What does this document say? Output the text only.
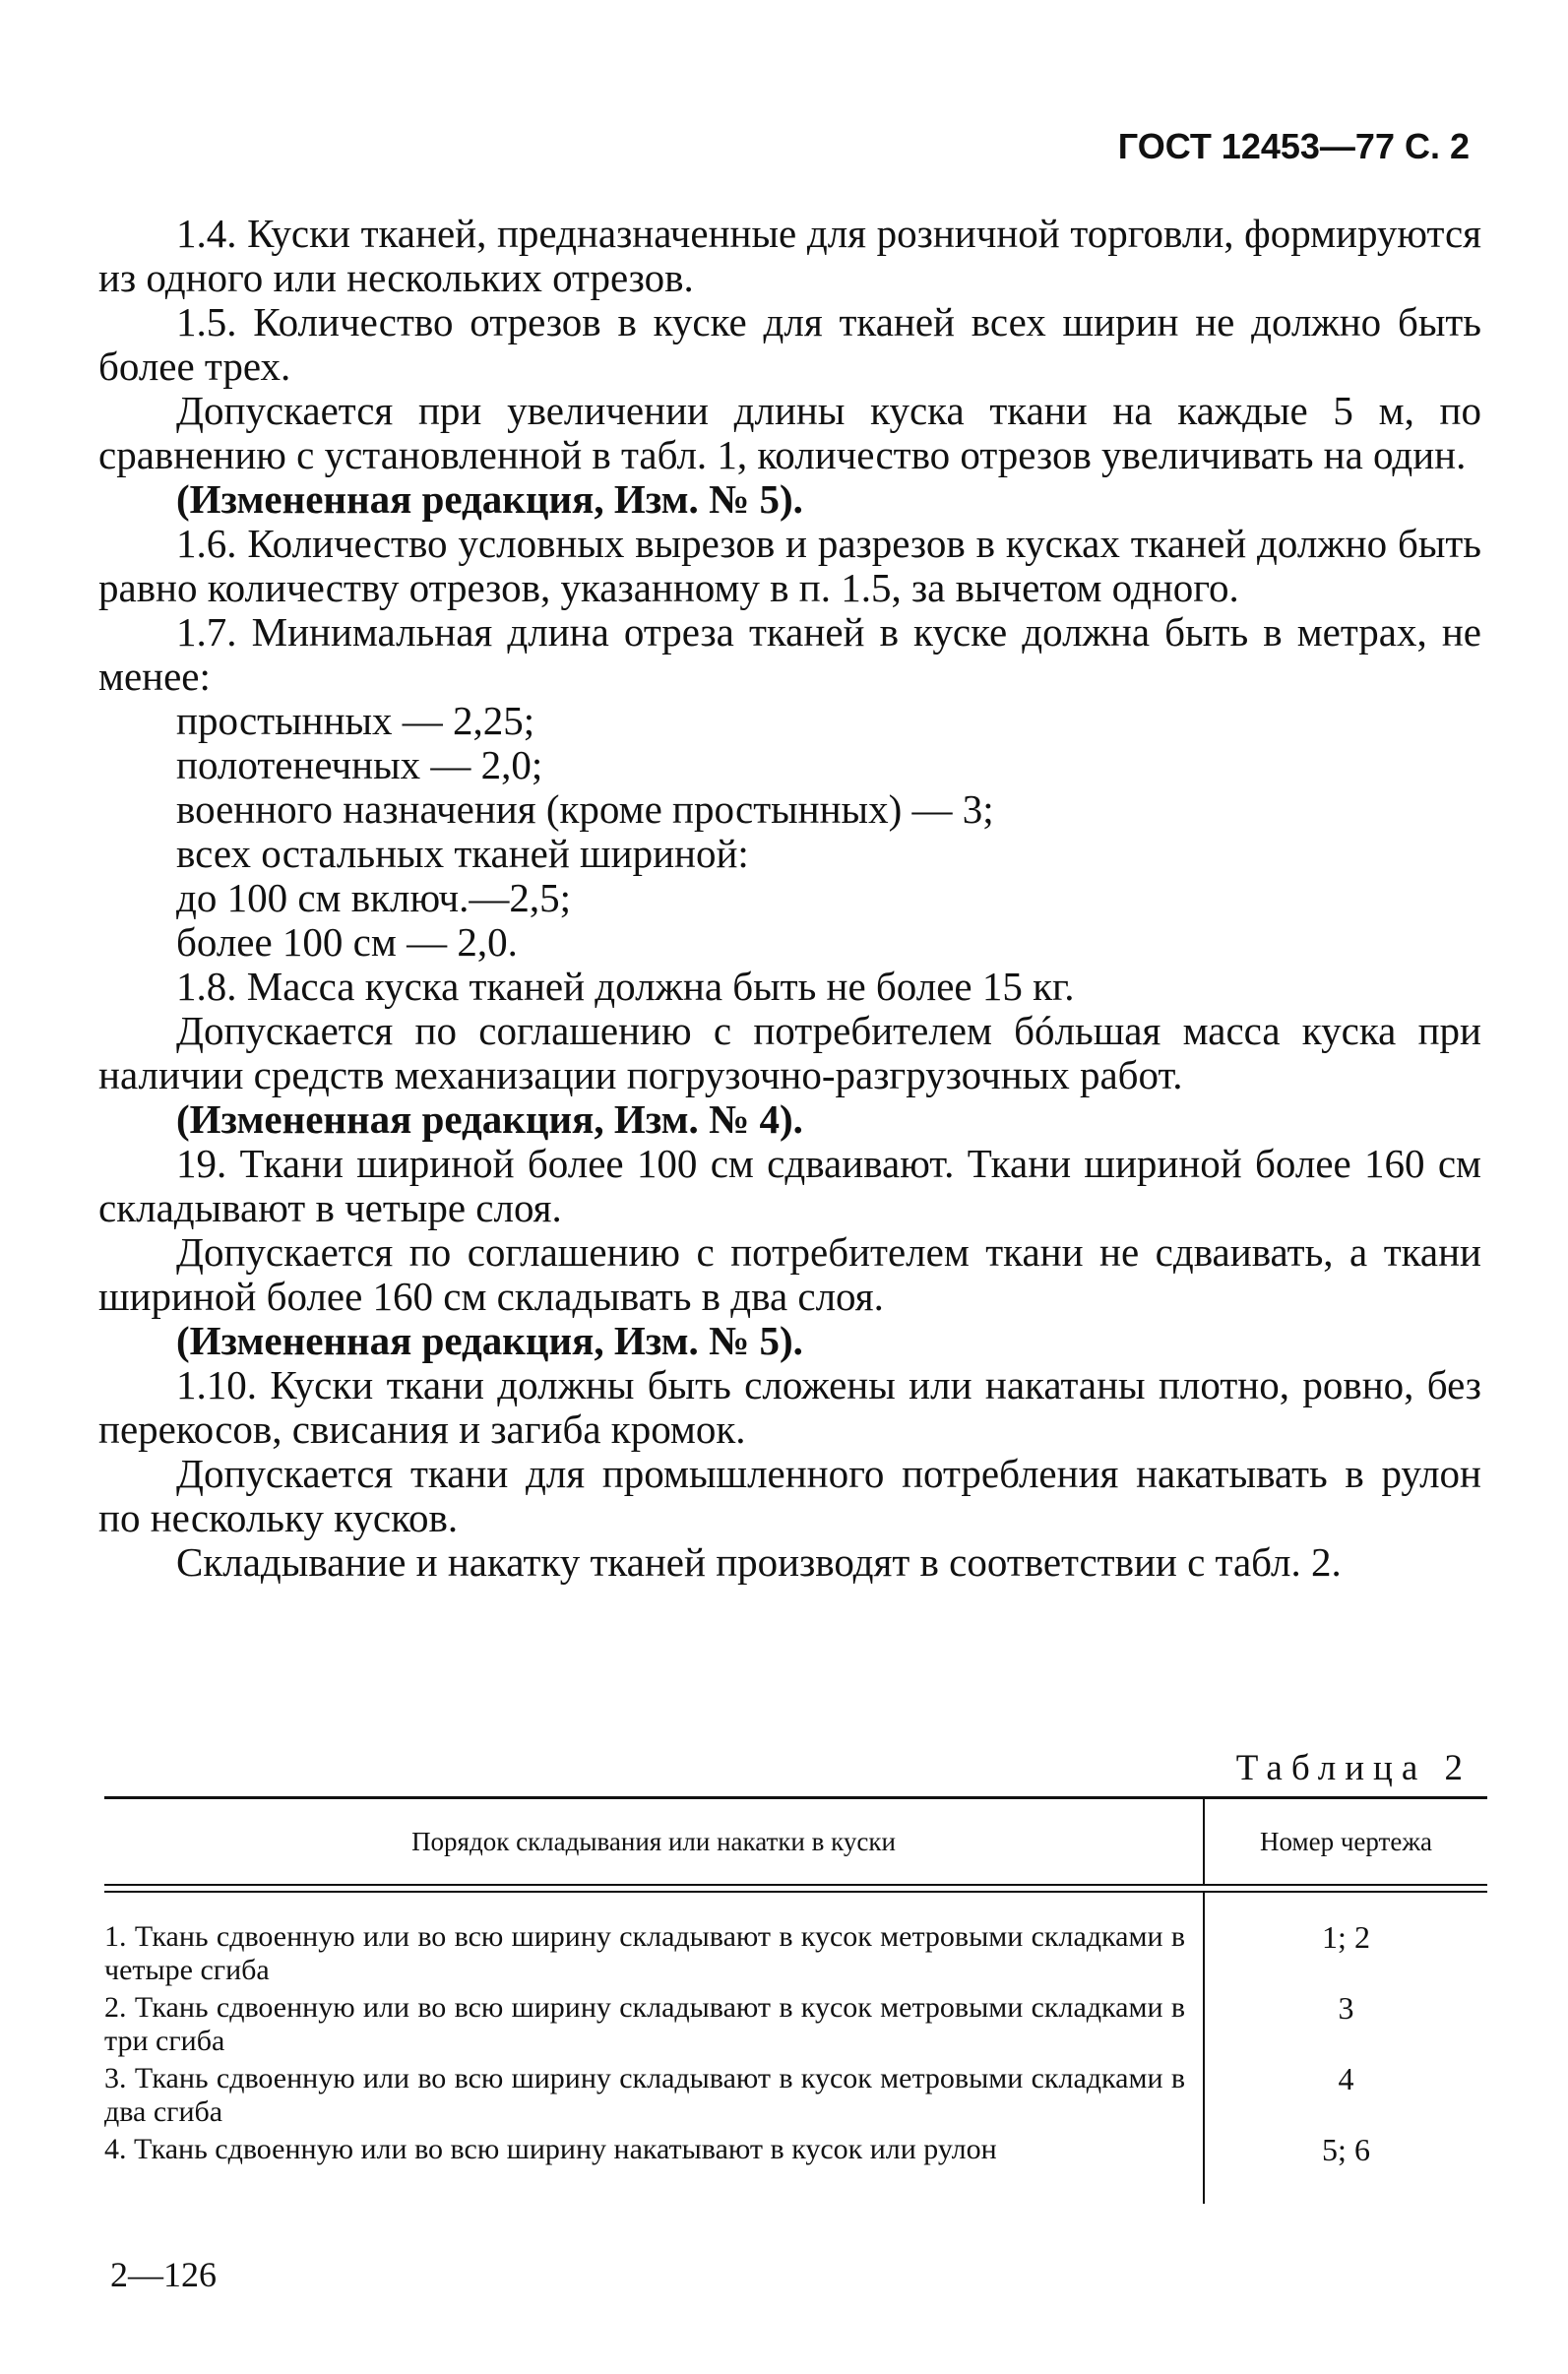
ГОСТ 12453—77 С. 2

1.4. Куски тканей, предназначенные для розничной торговли, формируются из одного или нескольких отрезов.

1.5. Количество отрезов в куске для тканей всех ширин не должно быть более трех.

Допускается при увеличении длины куска ткани на каждые 5 м, по сравнению с установленной в табл. 1, количество отрезов увеличивать на один.

(Измененная редакция, Изм. № 5).

1.6. Количество условных вырезов и разрезов в кусках тканей должно быть равно количеству отрезов, указанному в п. 1.5, за вычетом одного.

1.7. Минимальная длина отреза тканей в куске должна быть в метрах, не менее:

простынных — 2,25;

полотенечных — 2,0;

военного назначения (кроме простынных) — 3;

всех остальных тканей шириной:

до 100 см включ.—2,5;

более 100 см — 2,0.

1.8. Масса куска тканей должна быть не более 15 кг.

Допускается по соглашению с потребителем бóльшая масса куска при наличии средств механизации погрузочно-разгрузочных работ.

(Измененная редакция, Изм. № 4).

19. Ткани шириной более 100 см сдваивают. Ткани шириной более 160 см складывают в четыре слоя.

Допускается по соглашению с потребителем ткани не сдваивать, а ткани шириной более 160 см складывать в два слоя.

(Измененная редакция, Изм. № 5).

1.10. Куски ткани должны быть сложены или накатаны плотно, ровно, без перекосов, свисания и загиба кромок.

Допускается ткани для промышленного потребления накатывать в рулон по нескольку кусков.

Складывание и накатку тканей производят в соответствии с табл. 2.

Таблица 2
Порядок складывания или накатки в куски	Номер чертежа
1. Ткань сдвоенную или во всю ширину складывают в кусок метровыми складками в четыре сгиба
2. Ткань сдвоенную или во всю ширину складывают в кусок метровыми складками в три сгиба
3. Ткань сдвоенную или во всю ширину складывают в кусок метровыми складками в два сгиба
4. Ткань сдвоенную или во всю ширину накатывают в кусок или рулон
1; 2
3
4
5; 6
2—126
